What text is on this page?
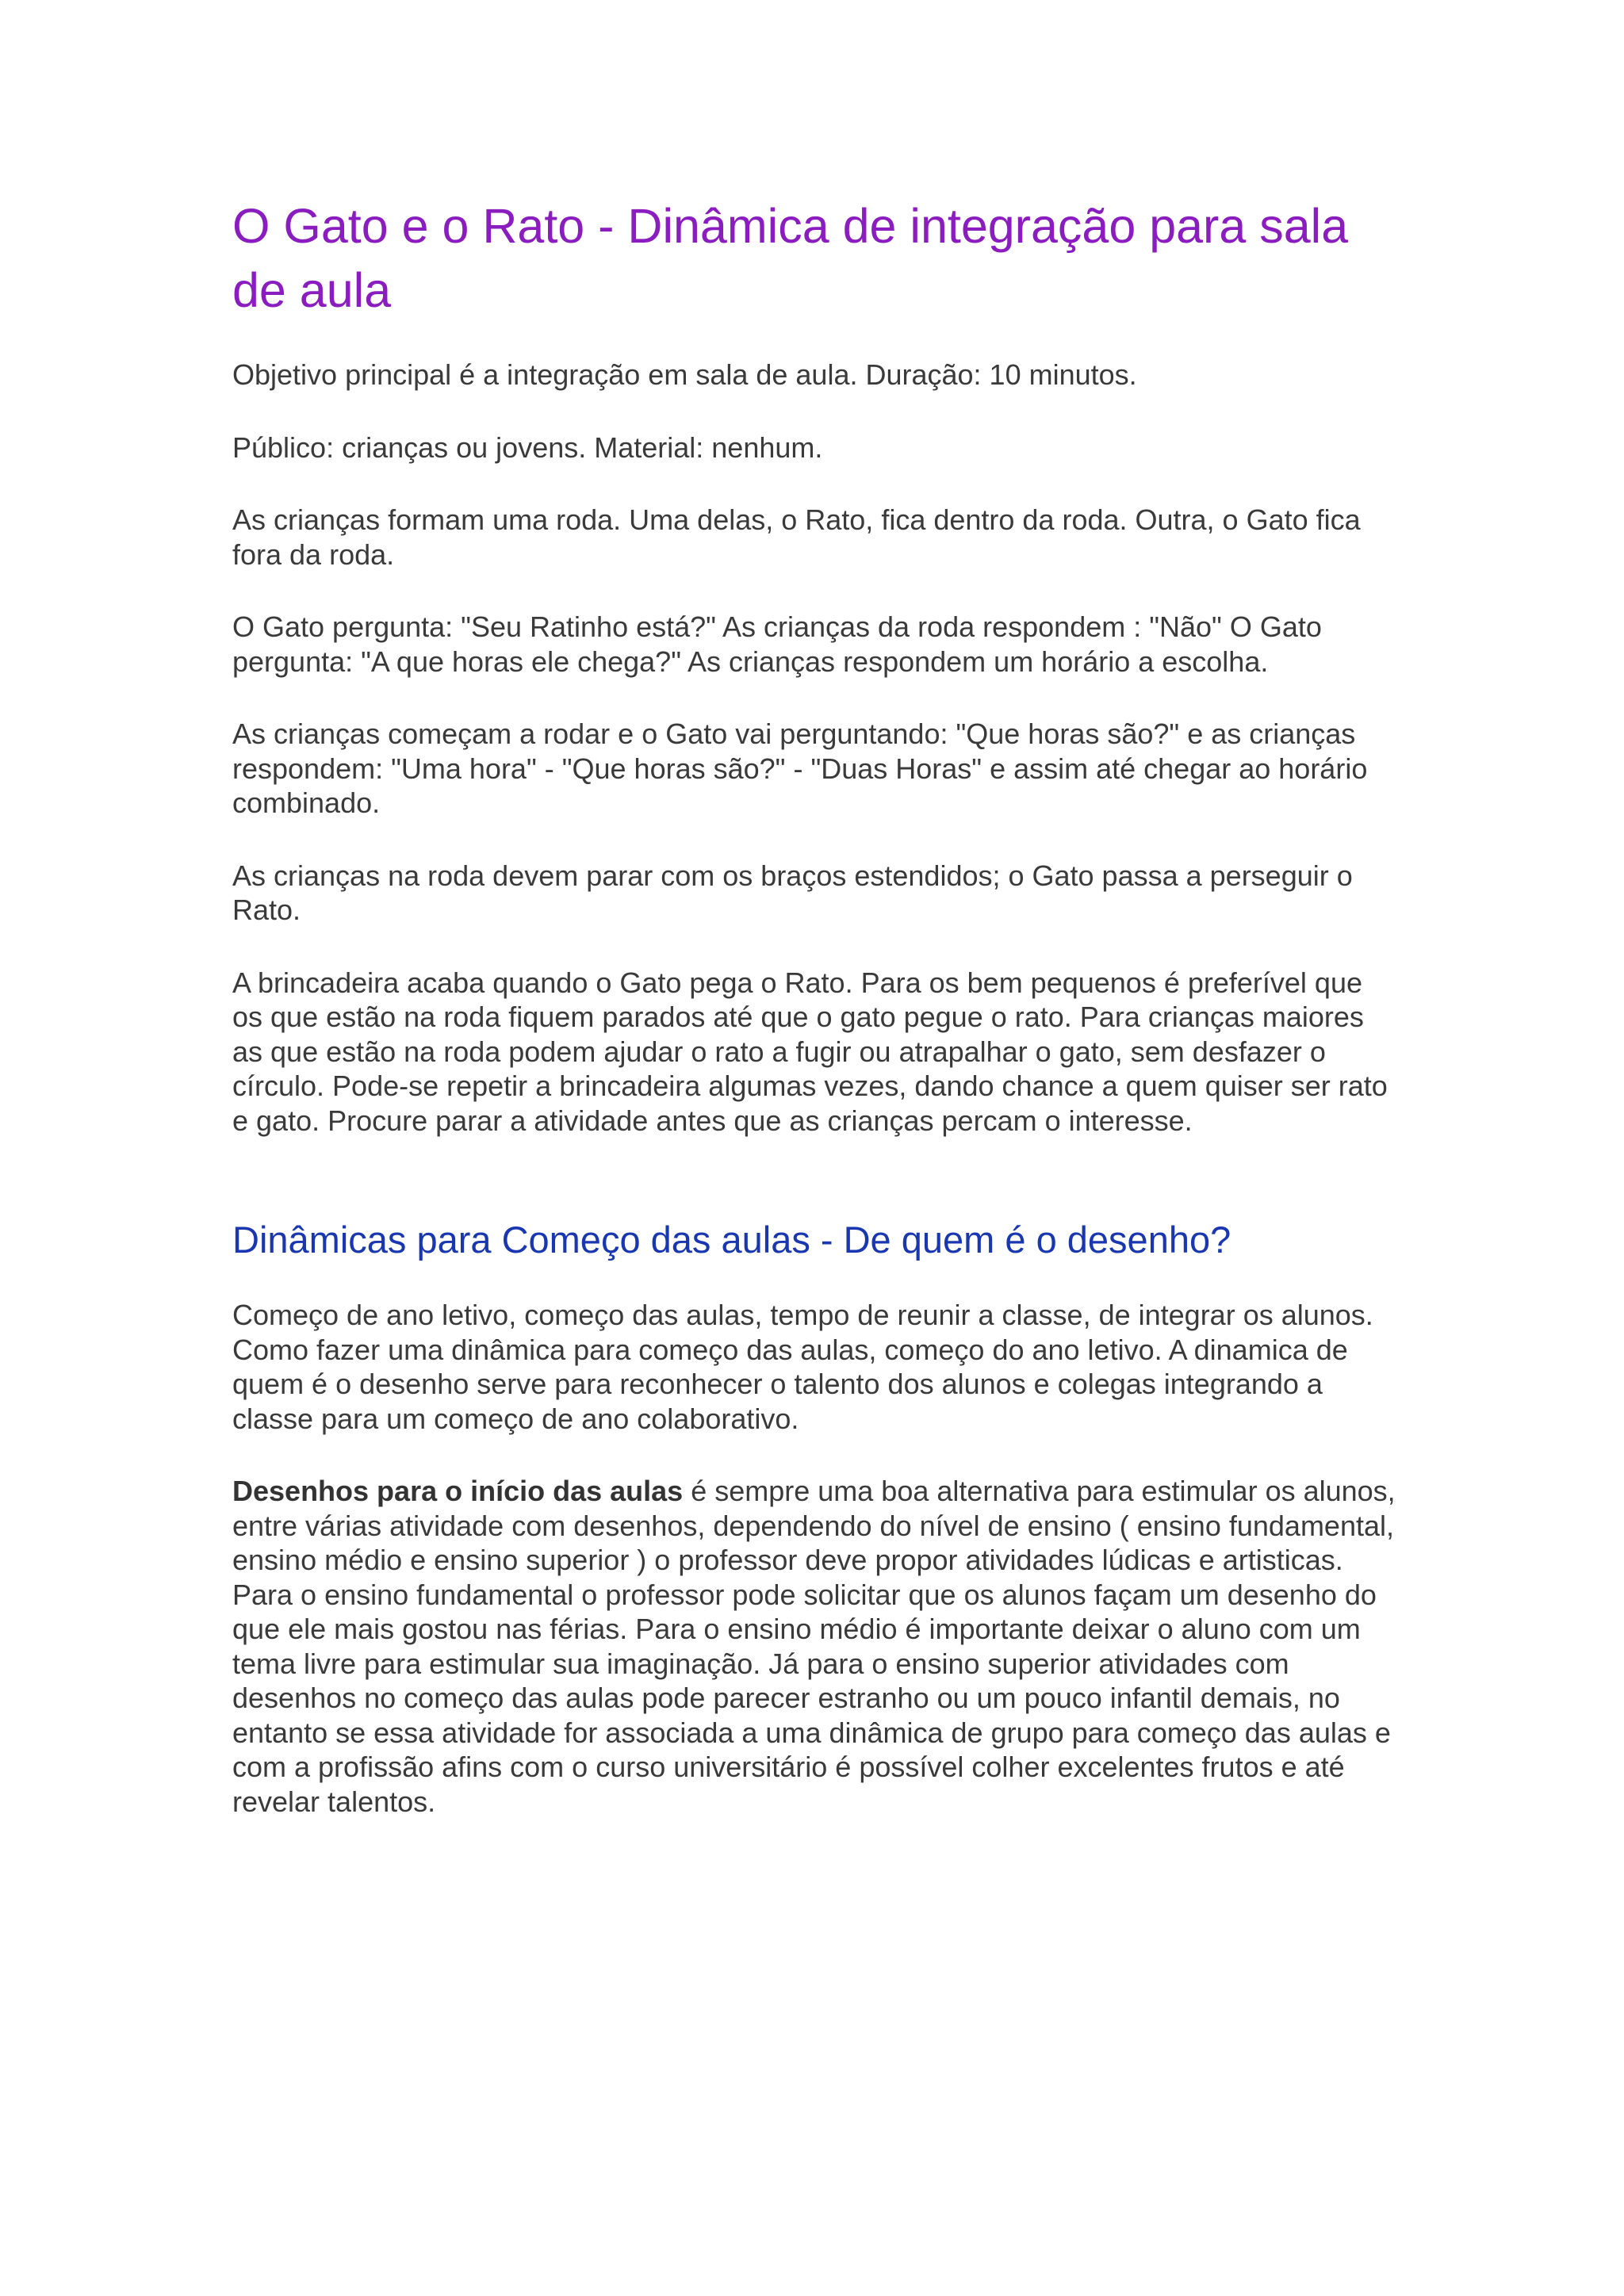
O Gato e o Rato - Dinâmica de integração para sala de aula

Objetivo principal é a integração em sala de aula. Duração: 10 minutos.

Público: crianças ou jovens. Material: nenhum.

As crianças formam uma roda. Uma delas, o Rato, fica dentro da roda. Outra, o Gato fica fora da roda.

O Gato pergunta: "Seu Ratinho está?" As crianças da roda respondem : "Não" O Gato pergunta: "A que horas ele chega?" As crianças respondem um horário a escolha.

As crianças começam a rodar e o Gato vai perguntando: "Que horas são?" e as crianças respondem: "Uma hora" - "Que horas são?" - "Duas Horas" e assim até chegar ao horário combinado.

As crianças na roda devem parar com os braços estendidos; o Gato passa a perseguir o Rato.

A brincadeira acaba quando o Gato pega o Rato. Para os bem pequenos é preferível que os que estão na roda fiquem parados até que o gato pegue o rato. Para crianças maiores as que estão na roda podem ajudar o rato a fugir ou atrapalhar o gato, sem desfazer o círculo. Pode-se repetir a brincadeira algumas vezes, dando chance a quem quiser ser rato e gato. Procure parar a atividade antes que as crianças percam o interesse.

Dinâmicas para Começo das aulas - De quem é o desenho?

Começo de ano letivo, começo das aulas, tempo de reunir a classe, de integrar os alunos. Como fazer uma dinâmica para começo das aulas, começo do ano letivo. A dinamica de quem é o desenho serve para reconhecer o talento dos alunos e colegas integrando a classe para um começo de ano colaborativo.

Desenhos para o início das aulas é sempre uma boa alternativa para estimular os alunos, entre várias atividade com desenhos, dependendo do nível de ensino ( ensino fundamental, ensino médio e ensino superior ) o professor deve propor atividades lúdicas e artisticas. Para o ensino fundamental o professor pode solicitar que os alunos façam um desenho do que ele mais gostou nas férias. Para o ensino médio é importante deixar o aluno com um tema livre para estimular sua imaginação. Já para o ensino superior atividades com desenhos no começo das aulas pode parecer estranho ou um pouco infantil demais, no entanto se essa atividade for associada a uma dinâmica de grupo para começo das aulas e com a profissão afins com o curso universitário é possível colher excelentes frutos e até revelar talentos.
